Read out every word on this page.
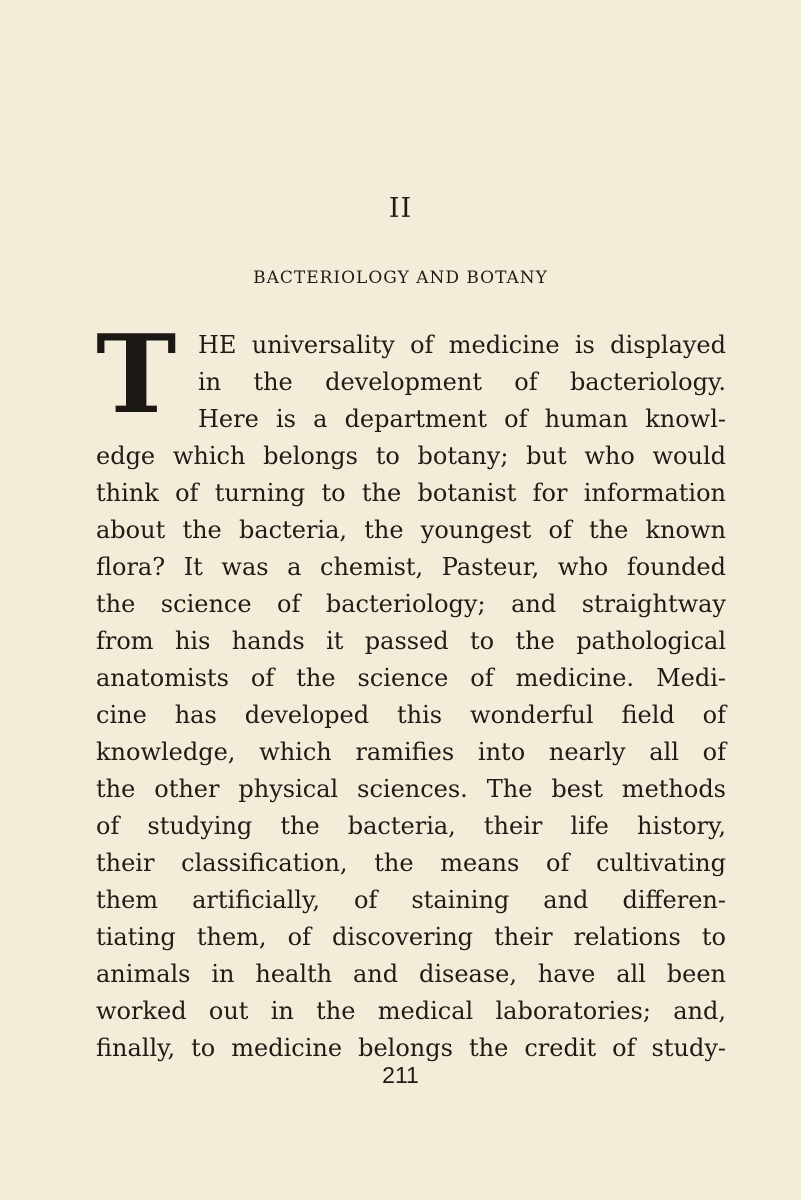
II
BACTERIOLOGY AND BOTANY
T HE universality of medicine is displayed
in the development of bacteriology.
Here is a department of human knowl-
edge which belongs to botany; but who would
think of turning to the botanist for information
about the bacteria, the youngest of the known
flora? It was a chemist, Pasteur, who founded
the science of bacteriology; and straightway
from his hands it passed to the pathological
anatomists of the science of medicine. Medi-
cine has developed this wonderful field of
knowledge, which ramifies into nearly all of
the other physical sciences. The best methods
of studying the bacteria, their life history,
their classification, the means of cultivating
them artificially, of staining and differen-
tiating them, of discovering their relations to
animals in health and disease, have all been
worked out in the medical laboratories; and,
finally, to medicine belongs the credit of study-
211
